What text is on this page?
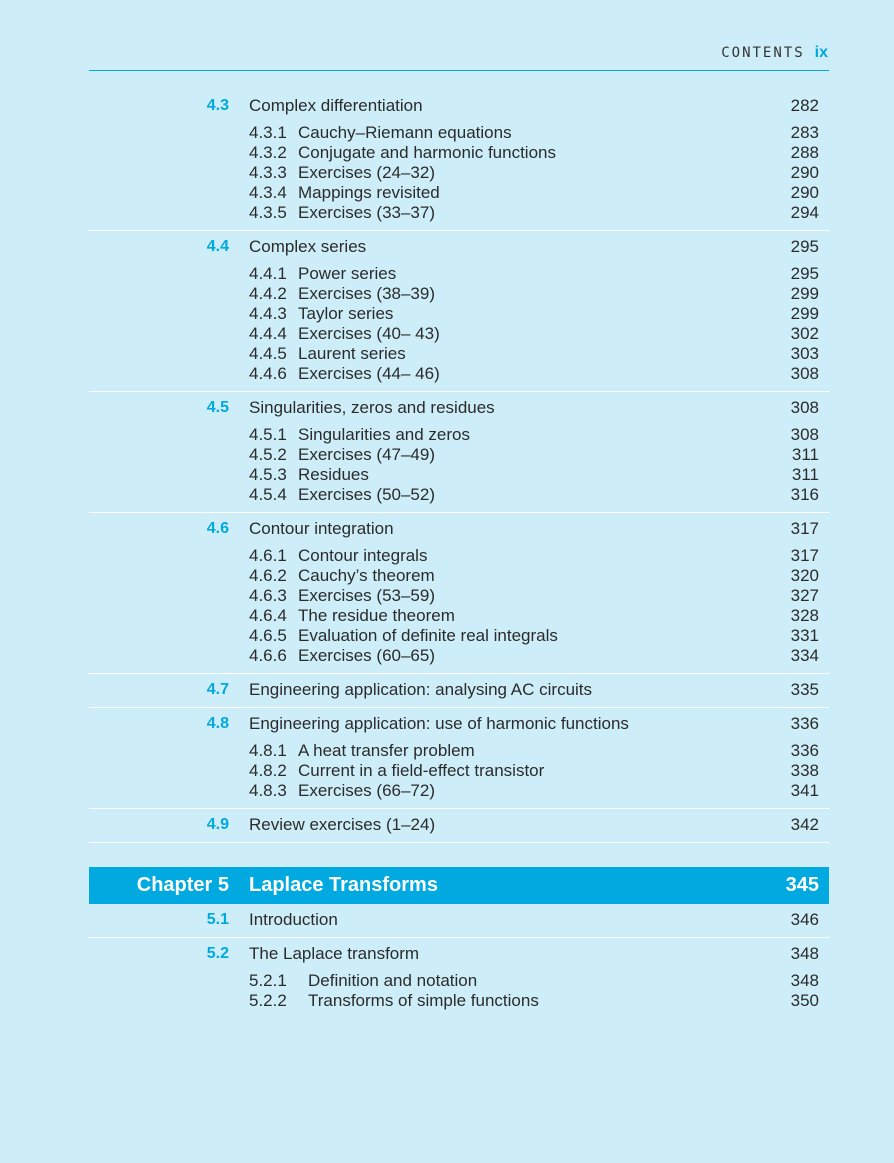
CONTENTS ix
4.3 Complex differentiation	282
4.3.1 Cauchy–Riemann equations	283
4.3.2 Conjugate and harmonic functions	288
4.3.3 Exercises (24–32)	290
4.3.4 Mappings revisited	290
4.3.5 Exercises (33–37)	294
4.4 Complex series	295
4.4.1 Power series	295
4.4.2 Exercises (38–39)	299
4.4.3 Taylor series	299
4.4.4 Exercises (40– 43)	302
4.4.5 Laurent series	303
4.4.6 Exercises (44– 46)	308
4.5 Singularities, zeros and residues	308
4.5.1 Singularities and zeros	308
4.5.2 Exercises (47–49)	311
4.5.3 Residues	311
4.5.4 Exercises (50–52)	316
4.6 Contour integration	317
4.6.1 Contour integrals	317
4.6.2 Cauchy’s theorem	320
4.6.3 Exercises (53–59)	327
4.6.4 The residue theorem	328
4.6.5 Evaluation of definite real integrals	331
4.6.6 Exercises (60–65)	334
4.7 Engineering application: analysing AC circuits	335
4.8 Engineering application: use of harmonic functions	336
4.8.1 A heat transfer problem	336
4.8.2 Current in a field-effect transistor	338
4.8.3 Exercises (66–72)	341
4.9 Review exercises (1–24)	342
Chapter 5 Laplace Transforms	345
5.1 Introduction	346
5.2 The Laplace transform	348
5.2.1 Definition and notation	348
5.2.2 Transforms of simple functions	350
